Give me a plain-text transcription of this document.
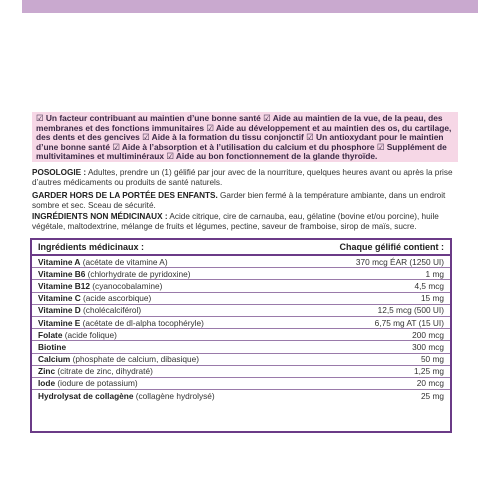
☑ Un facteur contribuant au maintien d’une bonne santé ☑ Aide au maintien de la vue, de la peau, des membranes et des fonctions immunitaires ☑ Aide au développement et au maintien des os, du cartilage, des dents et des gencives ☑ Aide à la formation du tissu conjonctif ☑ Un antioxydant pour le maintien d’une bonne santé ☑ Aide à l’absorption et à l’utilisation du calcium et du phosphore ☑ Supplément de multivitamines et multiminéraux ☑ Aide au bon fonctionnement de la glande thyroïde.
POSOLOGIE : Adultes, prendre un (1) gélifié par jour avec de la nourriture, quelques heures avant ou après la prise d’autres médicaments ou produits de santé naturels.
GARDER HORS DE LA PORTÉE DES ENFANTS. Garder bien fermé à la température ambiante, dans un endroit sombre et sec. Sceau de sécurité.
INGRÉDIENTS NON MÉDICINAUX : Acide citrique, cire de carnauba, eau, gélatine (bovine et/ou porcine), huile végétale, maltodextrine, mélange de fruits et légumes, pectine, saveur de framboise, sirop de maïs, sucre.
Ingrédients médicinaux :	Chaque gélifié contient :
Vitamine A (acétate de vitamine A)	370 mcg ÉAR (1250 UI)
Vitamine B6 (chlorhydrate de pyridoxine)	1 mg
Vitamine B12 (cyanocobalamine)	4,5 mcg
Vitamine C (acide ascorbique)	15 mg
Vitamine D (cholécalciférol)	12,5 mcg (500 UI)
Vitamine E (acétate de dl-alpha tocophéryle)	6,75 mg AT (15 UI)
Folate (acide folique)	200 mcg
Biotine	300 mcg
Calcium (phosphate de calcium, dibasique)	50 mg
Zinc (citrate de zinc, dihydraté)	1,25 mg
Iode (iodure de potassium)	20 mcg
Hydrolysat de collagène (collagène hydrolysé)	25 mg
